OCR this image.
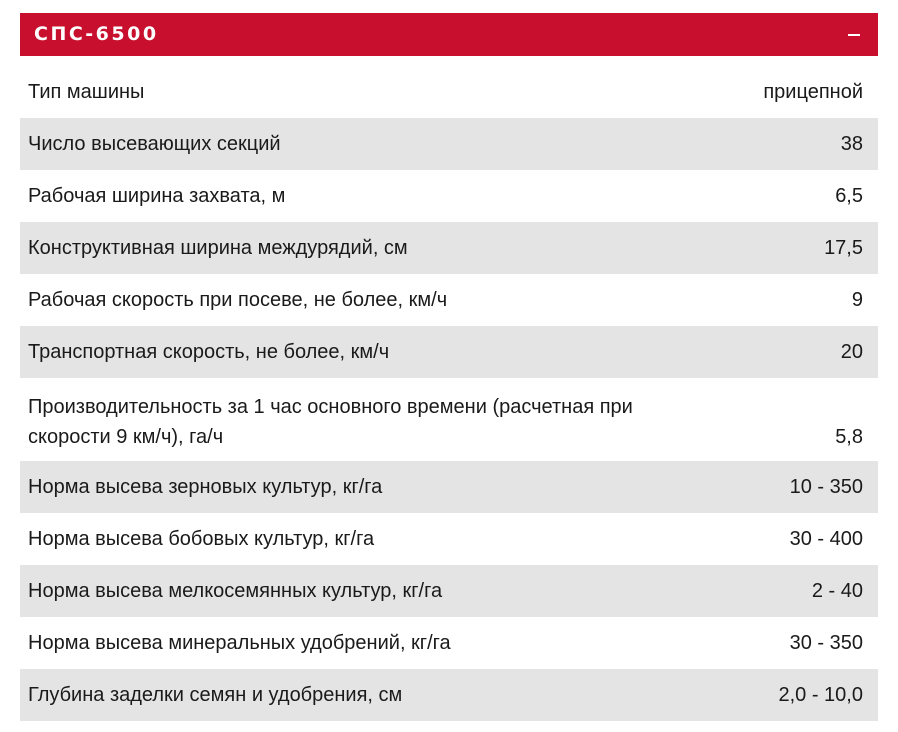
СПС-6500
Тип машины	прицепной
Число высевающих секций	38
Рабочая ширина захвата, м	6,5
Конструктивная ширина междурядий, см	17,5
Рабочая скорость при посеве, не более, км/ч	9
Транспортная скорость, не более, км/ч	20
Производительность за 1 час основного времени (расчетная при скорости 9 км/ч), га/ч	5,8
Норма высева зерновых культур, кг/га	10 - 350
Норма высева бобовых культур, кг/га	30 - 400
Норма высева мелкосемянных культур, кг/га	2 - 40
Норма высева минеральных удобрений, кг/га	30 - 350
Глубина заделки семян и удобрения, см	2,0 - 10,0
